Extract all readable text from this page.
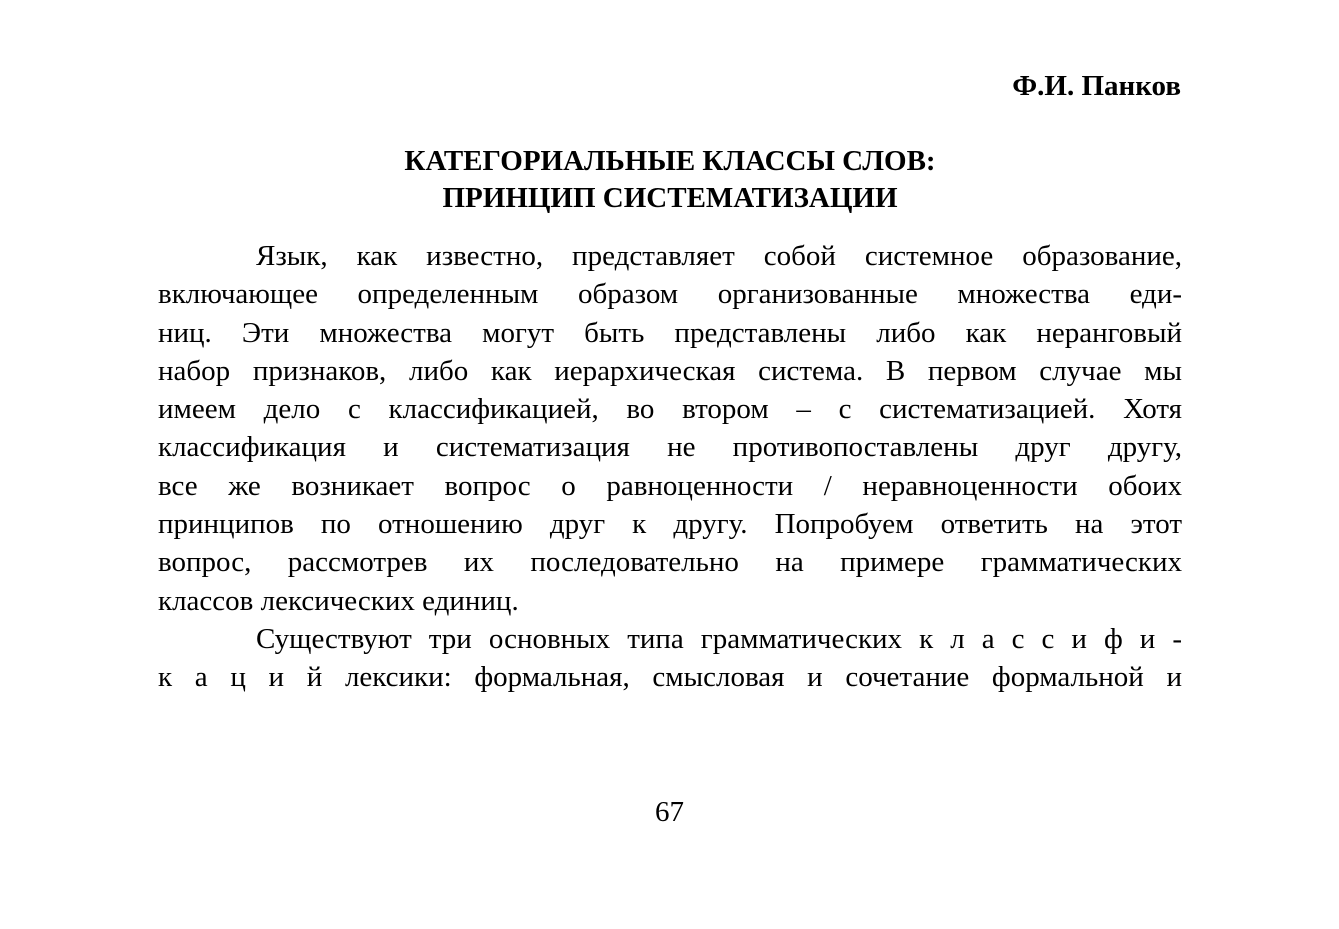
Ф.И. Панков
КАТЕГОРИАЛЬНЫЕ КЛАССЫ СЛОВ:
ПРИНЦИП СИСТЕМАТИЗАЦИИ
Язык, как известно, представляет собой системное образование,
включающее определенным образом организованные множества еди-
ниц. Эти множества могут быть представлены либо как неранговый
набор признаков, либо как иерархическая система. В первом случае мы
имеем дело с классификацией, во втором – с систематизацией. Хотя
классификация и систематизация не противопоставлены друг другу,
все же возникает вопрос о равноценности / неравноценности обоих
принципов по отношению друг к другу. Попробуем ответить на этот
вопрос, рассмотрев их последовательно на примере грамматических
классов лексических единиц.
Существуют три основных типа грамматических к л а с с и ф и -
к а ц и й лексики: формальная, смысловая и сочетание формальной и
67
